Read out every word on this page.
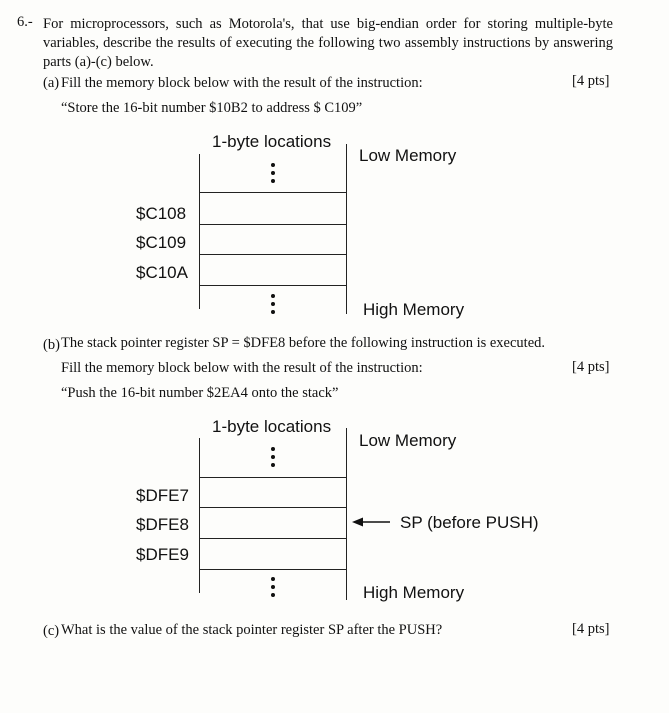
6.- For microprocessors, such as Motorola's, that use big-endian order for storing multiple-byte variables, describe the results of executing the following two assembly instructions by answering parts (a)-(c) below.
(a) Fill the memory block below with the result of the instruction:	[4 pts]
“Store the 16-bit number $10B2 to address $ C109”
1-byte locations
Low Memory
$C108
$C109
$C10A
High Memory
(b) The stack pointer register SP = $DFE8 before the following instruction is executed.
Fill the memory block below with the result of the instruction:	[4 pts]
“Push the 16-bit number $2EA4 onto the stack”
1-byte locations
Low Memory
$DFE7
$DFE8
$DFE9
SP (before PUSH)
High Memory
(c) What is the value of the stack pointer register SP after the PUSH?	[4 pts]
